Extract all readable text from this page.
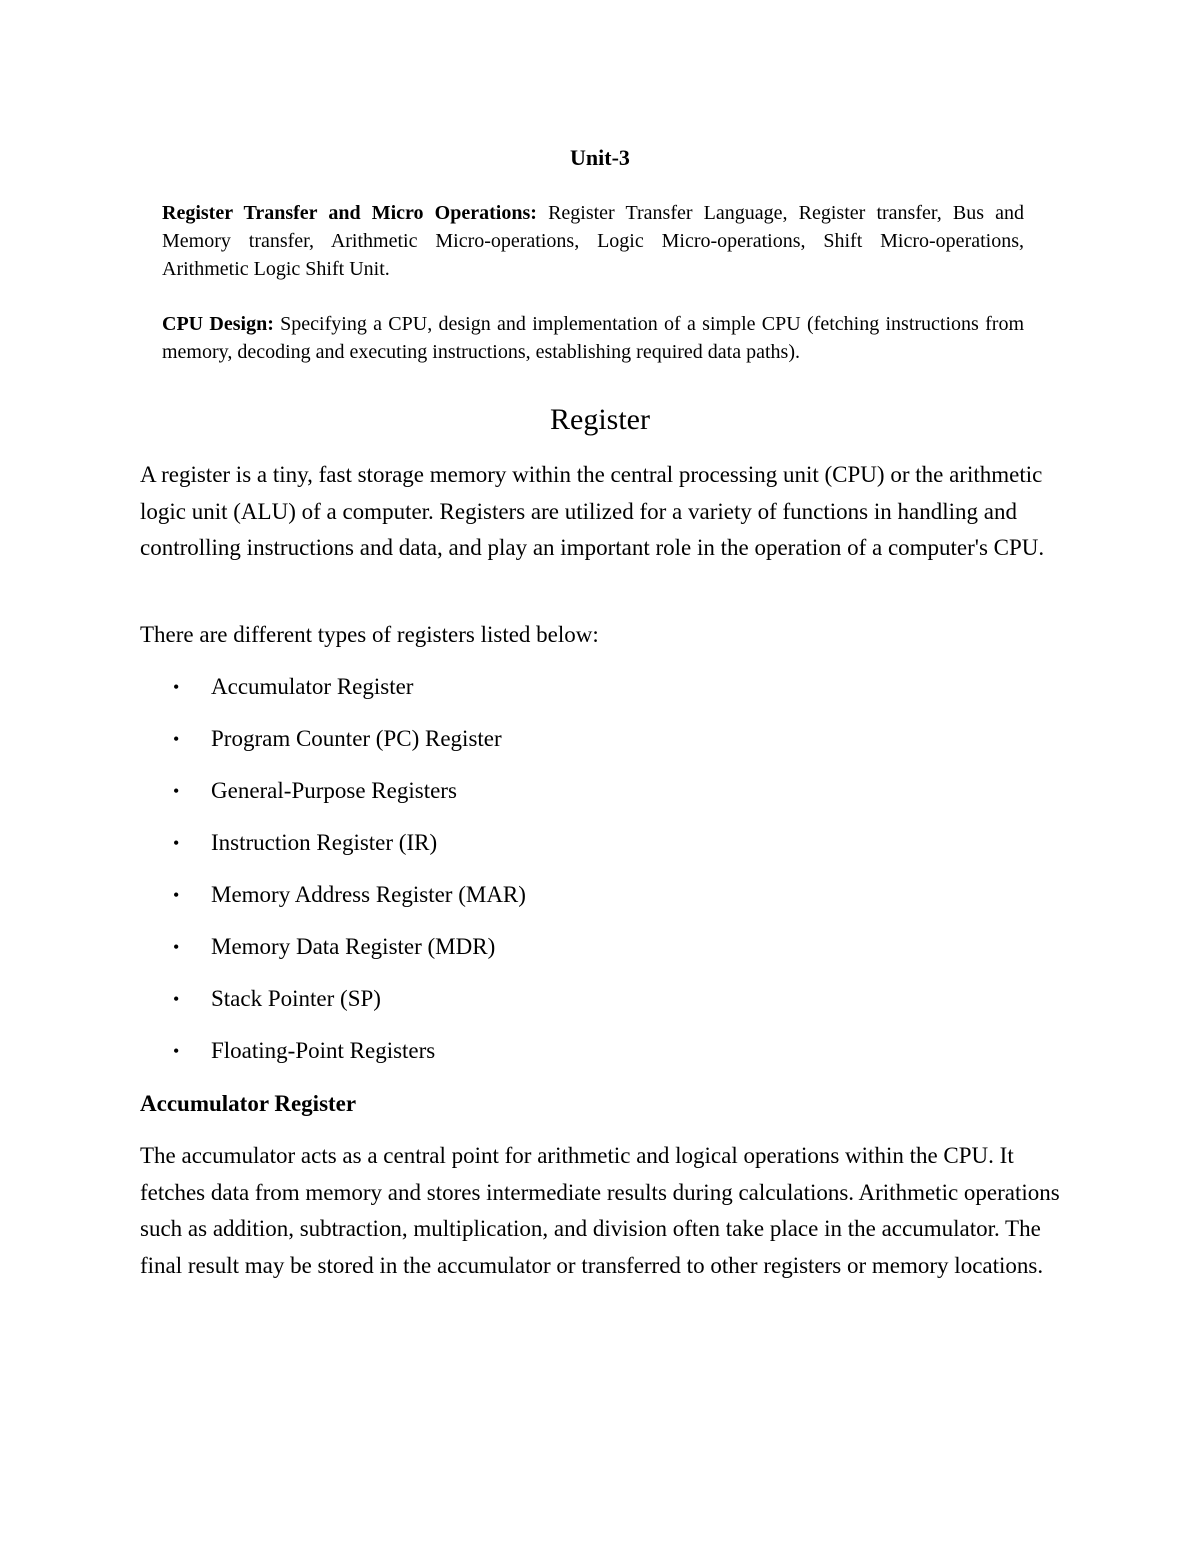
Unit-3
Register Transfer and Micro Operations: Register Transfer Language, Register transfer, Bus and Memory transfer, Arithmetic Micro-operations, Logic Micro-operations, Shift Micro-operations, Arithmetic Logic Shift Unit.
CPU Design: Specifying a CPU, design and implementation of a simple CPU (fetching instructions from memory, decoding and executing instructions, establishing required data paths).
Register
A register is a tiny, fast storage memory within the central processing unit (CPU) or the arithmetic logic unit (ALU) of a computer. Registers are utilized for a variety of functions in handling and controlling instructions and data, and play an important role in the operation of a computer's CPU.
There are different types of registers listed below:
• Accumulator Register
• Program Counter (PC) Register
• General-Purpose Registers
• Instruction Register (IR)
• Memory Address Register (MAR)
• Memory Data Register (MDR)
• Stack Pointer (SP)
• Floating-Point Registers
Accumulator Register
The accumulator acts as a central point for arithmetic and logical operations within the CPU. It fetches data from memory and stores intermediate results during calculations. Arithmetic operations such as addition, subtraction, multiplication, and division often take place in the accumulator. The final result may be stored in the accumulator or transferred to other registers or memory locations.
